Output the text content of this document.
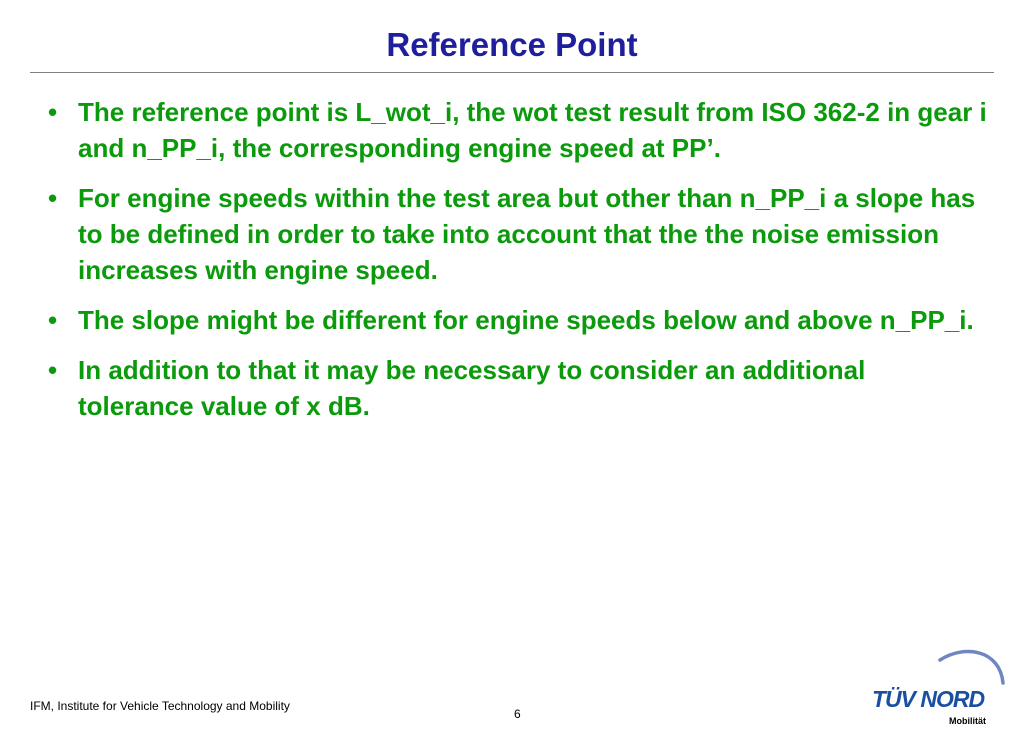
Reference Point
• The reference point is L_wot_i, the wot test result from ISO 362-2 in gear i and n_PP_i, the corresponding engine speed at PP’.
• For engine speeds within the test area but other than n_PP_i a slope has to be defined in order to take into account that the the noise emission increases with engine speed.
• The slope might be different for engine speeds below and above n_PP_i.
• In addition to that it may be necessary to consider an additional tolerance value of x dB.
IFM, Institute for Vehicle Technology and Mobility
6
TÜV NORD
Mobilität
